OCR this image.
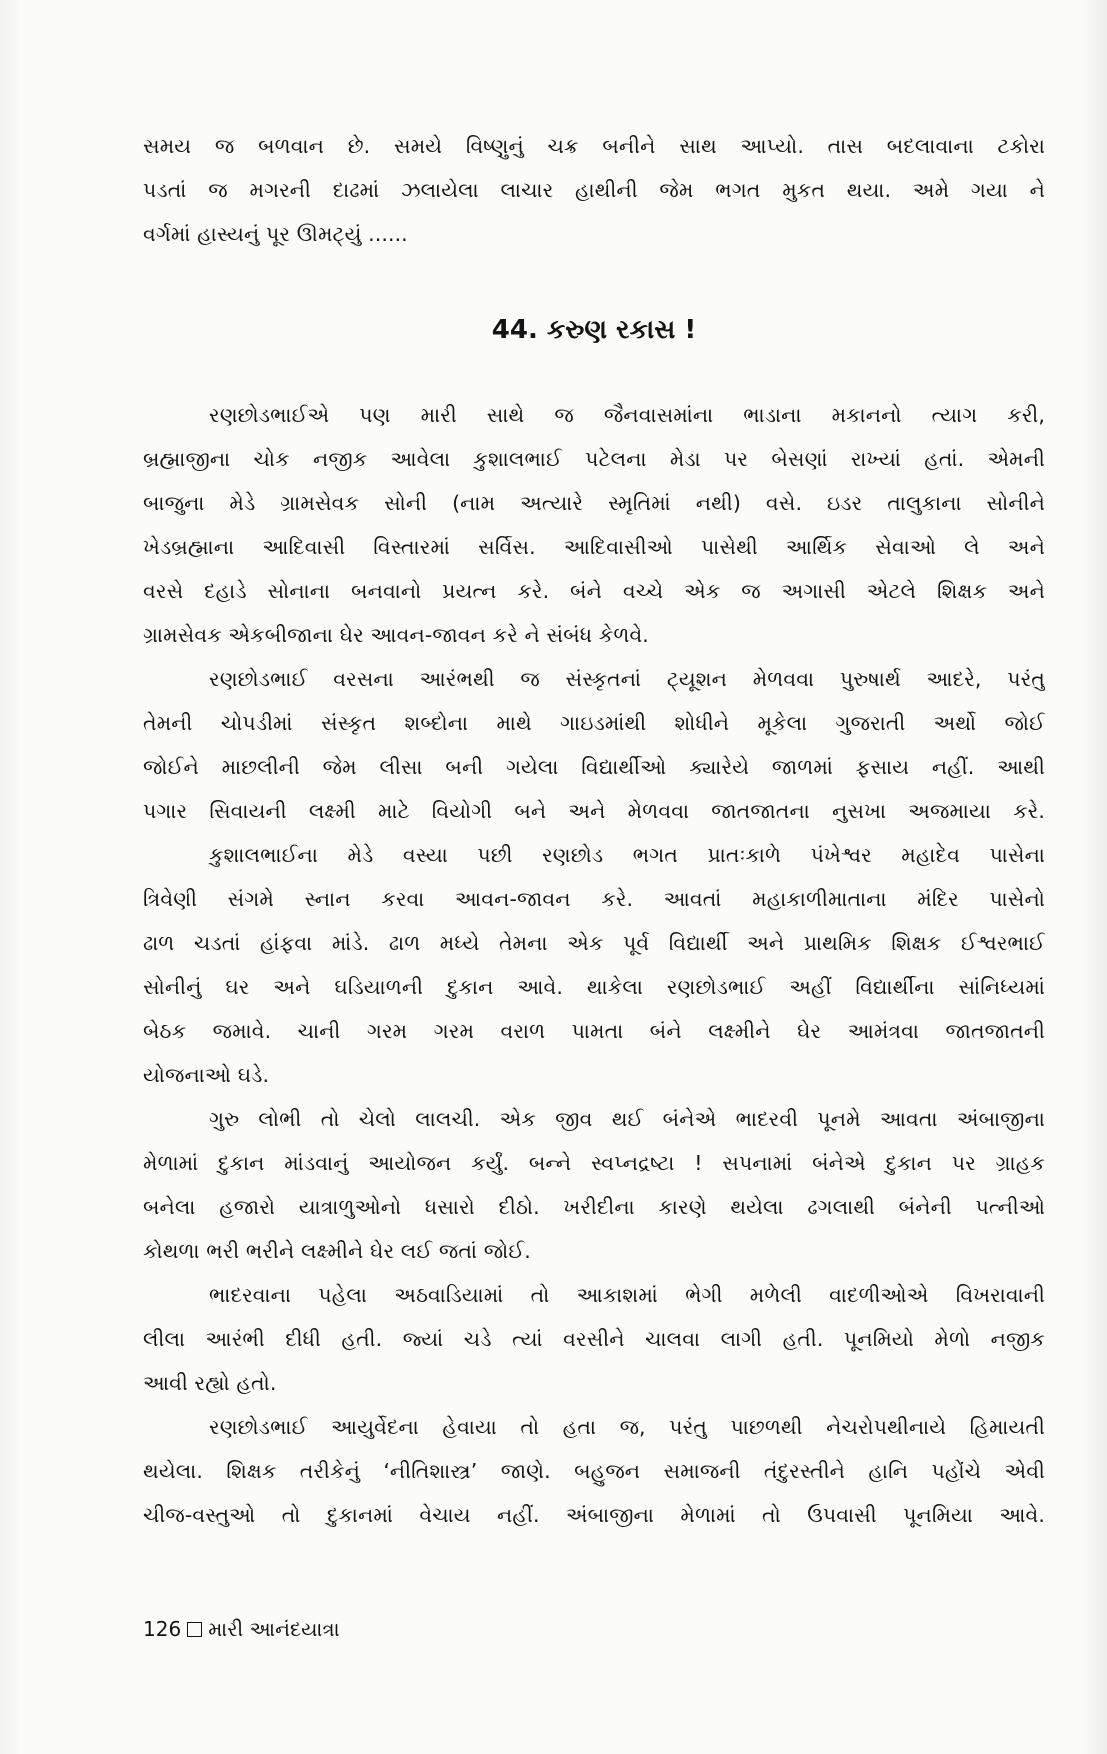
સમય જ બળવાન છે. સમયે વિષ્ણુનું ચક્ર બનીને સાથ આપ્યો. તાસ બદલાવાના ટકોરા
પડતાં જ મગરની દાઢમાં ઝલાયેલા લાચાર હાથીની જેમ ભગત મુકત થયા. અમે ગયા ને
વર્ગમાં હાસ્યનું પૂર ઊમટ્યું ......
44. કરુણ રકાસ !
રણછોડભાઈએ પણ મારી સાથે જ જૈનવાસમાંના ભાડાના મકાનનો ત્યાગ કરી,
બ્રહ્માજીના ચોક નજીક આવેલા કુશાલભાઈ પટેલના મેડા પર બેસણાં રાખ્યાં હતાં. એમની
બાજુના મેડે ગ્રામસેવક સોની (નામ અત્યારે સ્મૃતિમાં નથી) વસે. ઇડર તાલુકાના સોનીને
ખેડબ્રહ્માના આદિવાસી વિસ્તારમાં સર્વિસ. આદિવાસીઓ પાસેથી આર્થિક સેવાઓ લે અને
વરસે દહાડે સોનાના બનવાનો પ્રયત્ન કરે. બંને વચ્ચે એક જ અગાસી એટલે શિક્ષક અને
ગ્રામસેવક એકબીજાના ઘેર આવન-જાવન કરે ને સંબંધ કેળવે.
રણછોડભાઈ વરસના આરંભથી જ સંસ્કૃતનાં ટ્યૂશન મેળવવા પુરુષાર્થ આદરે, પરંતુ
તેમની ચોપડીમાં સંસ્કૃત શબ્દોના માથે ગાઇડમાંથી શોધીને મૂકેલા ગુજરાતી અર્થો જોઈ
જોઈને માછલીની જેમ લીસા બની ગયેલા વિદ્યાર્થીઓ ક્યારેયે જાળમાં ફસાય નહીં. આથી
પગાર સિવાયની લક્ષ્મી માટે વિયોગી બને અને મેળવવા જાતજાતના નુસખા અજમાયા કરે.
કુશાલભાઈના મેડે વસ્યા પછી રણછોડ ભગત પ્રાતઃકાળે પંખેશ્વર મહાદેવ પાસેના
ત્રિવેણી સંગમે સ્નાન કરવા આવન-જાવન કરે. આવતાં મહાકાળીમાતાના મંદિર પાસેનો
ઢાળ ચડતાં હાંફવા માંડે. ઢાળ મધ્યે તેમના એક પૂર્વ વિદ્યાર્થી અને પ્રાથમિક શિક્ષક ઈશ્વરભાઈ
સોનીનું ઘર અને ઘડિયાળની દુકાન આવે. થાકેલા રણછોડભાઈ અહીં વિદ્યાર્થીના સાંનિધ્યમાં
બેઠક જમાવે. ચાની ગરમ ગરમ વરાળ પામતા બંને લક્ષ્મીને ઘેર આમંત્રવા જાતજાતની
યોજનાઓ ઘડે.
ગુરુ લોભી તો ચેલો લાલચી. એક જીવ થઈ બંનેએ ભાદરવી પૂનમે આવતા અંબાજીના
મેળામાં દુકાન માંડવાનું આયોજન કર્યું. બન્ને સ્વપ્નદ્રષ્ટા ! સપનામાં બંનેએ દુકાન પર ગ્રાહક
બનેલા હજારો યાત્રાળુઓનો ધસારો દીઠો. ખરીદીના કારણે થયેલા ઢગલાથી બંનેની પત્નીઓ
કોથળા ભરી ભરીને લક્ષ્મીને ઘેર લઈ જતાં જોઈ.
ભાદરવાના પહેલા અઠવાડિયામાં તો આકાશમાં ભેગી મળેલી વાદળીઓએ વિખરાવાની
લીલા આરંભી દીધી હતી. જ્યાં ચડે ત્યાં વરસીને ચાલવા લાગી હતી. પૂનમિયો મેળો નજીક
આવી રહ્યો હતો.
રણછોડભાઈ આયુર્વેદના હેવાયા તો હતા જ, પરંતુ પાછળથી નેચરોપથીનાયે હિમાયતી
થયેલા. શિક્ષક તરીકેનું ‘નીતિશાસ્ત્ર’ જાણે. બહુજન સમાજની તંદુરસ્તીને હાનિ પહોંચે એવી
ચીજ-વસ્તુઓ તો દુકાનમાં વેચાય નહીં. અંબાજીના મેળામાં તો ઉપવાસી પૂનમિયા આવે.
126 મારી આનંદયાત્રા
